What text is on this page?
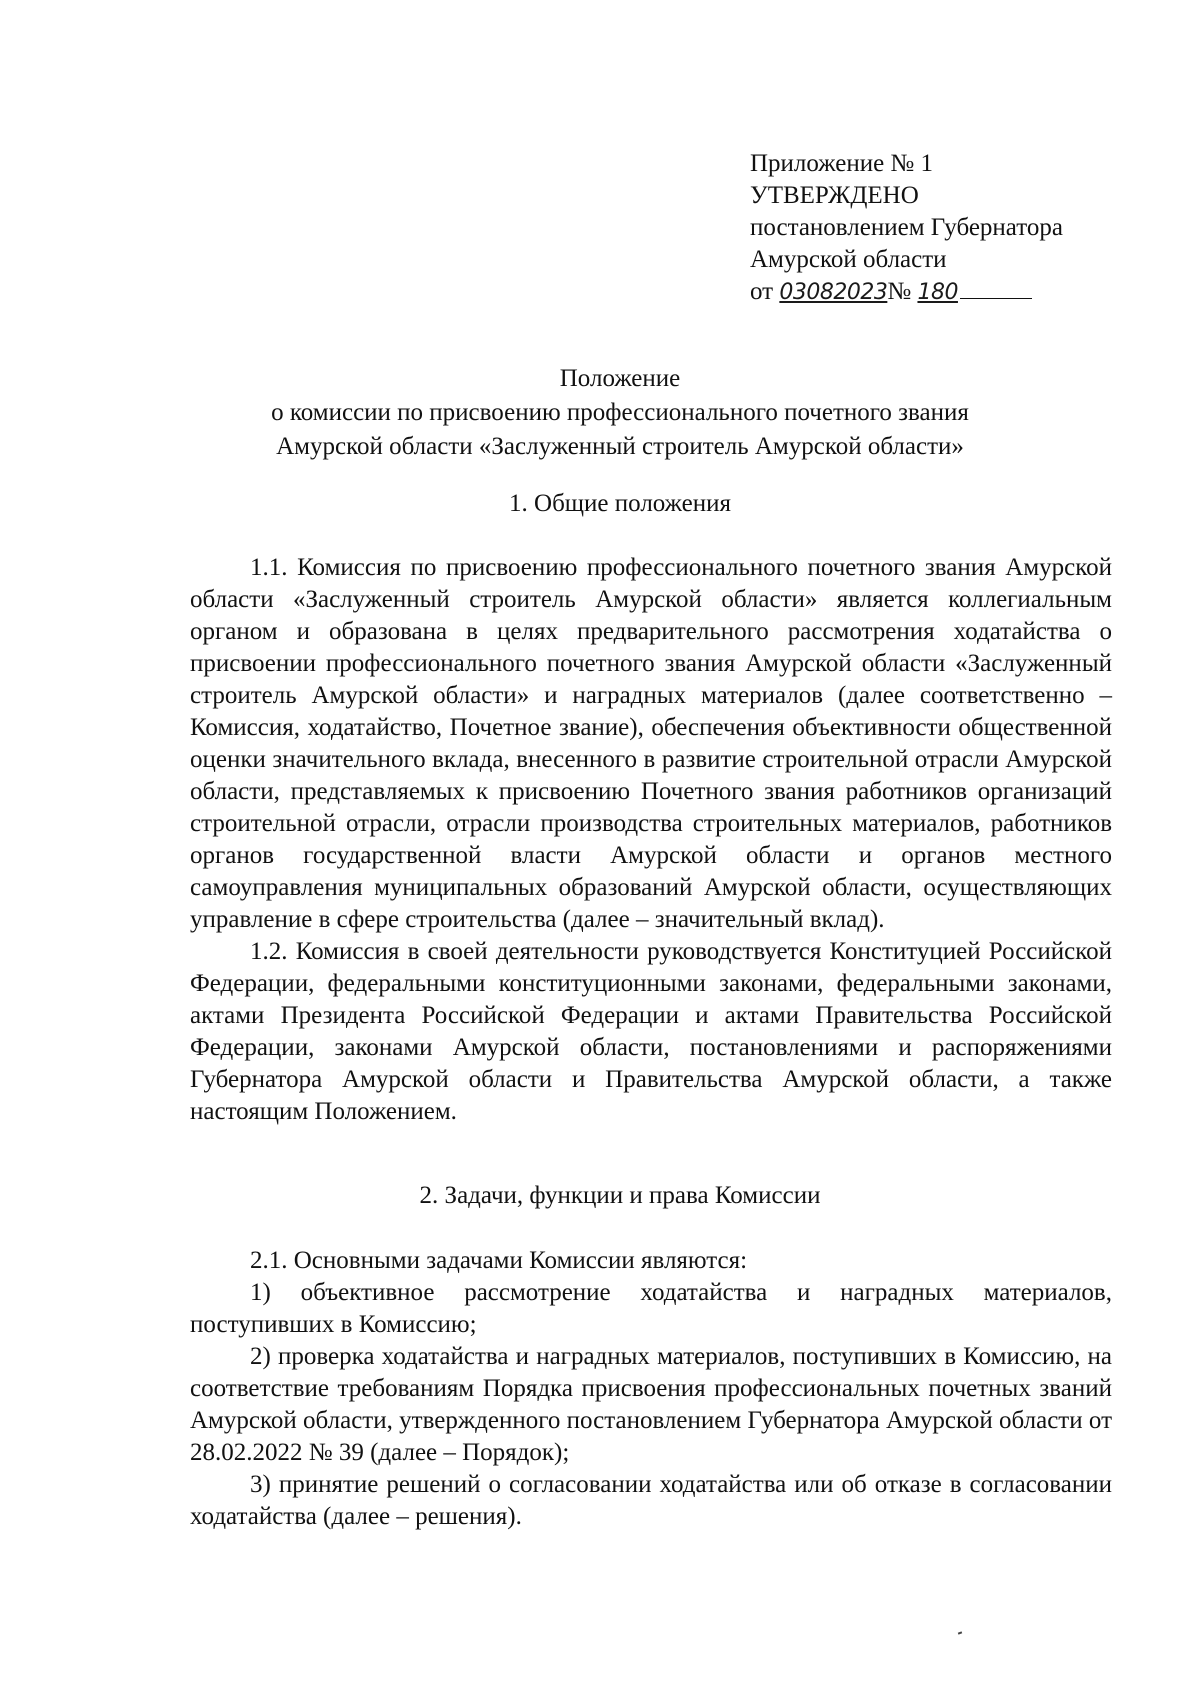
Приложение № 1
УТВЕРЖДЕНО
постановлением Губернатора
Амурской области
от 03082023№ 180
Положение
о комиссии по присвоению профессионального почетного звания
Амурской области «Заслуженный строитель Амурской области»
1. Общие положения

1.1. Комиссия по присвоению профессионального почетного звания Амурской области «Заслуженный строитель Амурской области» является коллегиальным органом и образована в целях предварительного рассмотрения ходатайства о присвоении профессионального почетного звания Амурской области «Заслуженный строитель Амурской области» и наградных материалов (далее соответственно – Комиссия, ходатайство, Почетное звание), обеспечения объективности общественной оценки значительного вклада, внесенного в развитие строительной отрасли Амурской области, представляемых к присвоению Почетного звания работников организаций строительной отрасли, отрасли производства строительных материалов, работников органов государственной власти Амурской области и органов местного самоуправления муниципальных образований Амурской области, осуществляющих управление в сфере строительства (далее – значительный вклад).

1.2. Комиссия в своей деятельности руководствуется Конституцией Российской Федерации, федеральными конституционными законами, федеральными законами, актами Президента Российской Федерации и актами Правительства Российской Федерации, законами Амурской области, постановлениями и распоряжениями Губернатора Амурской области и Правительства Амурской области, а также настоящим Положением.

2. Задачи, функции и права Комиссии

2.1. Основными задачами Комиссии являются:

1) объективное рассмотрение ходатайства и наградных материалов, поступивших в Комиссию;

2) проверка ходатайства и наградных материалов, поступивших в Комиссию, на соответствие требованиям Порядка присвоения профессиональных почетных званий Амурской области, утвержденного постановлением Губернатора Амурской области от 28.02.2022 № 39 (далее – Порядок);

3) принятие решений о согласовании ходатайства или об отказе в согласовании ходатайства (далее – решения).
